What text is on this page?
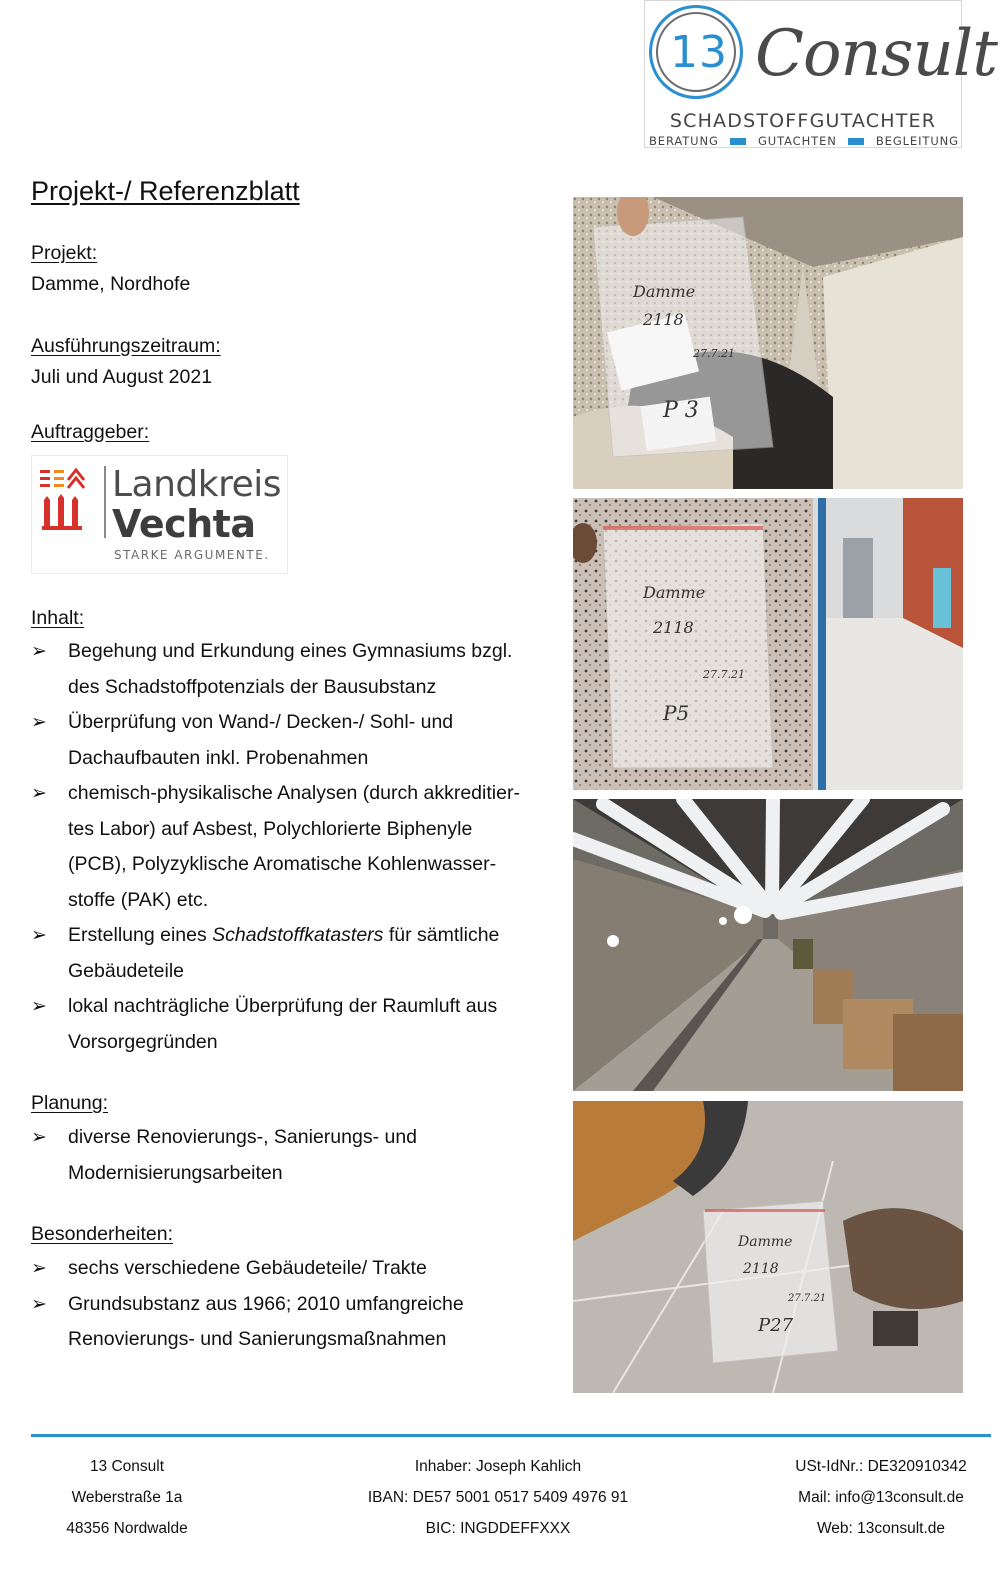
13 Consult
SCHADSTOFFGUTACHTER
BERATUNG	GUTACHTEN	BEGLEITUNG
Projekt-/ Referenzblatt
Projekt:
Damme, Nordhofe
Ausführungszeitraum:
Juli und August 2021
Auftraggeber:
Landkreis
Vechta
STARKE ARGUMENTE.
Inhalt:
➢ Begehung und Erkundung eines Gymnasiums bzgl.
des Schadstoffpotenzials der Bausubstanz
➢ Überprüfung von Wand-/ Decken-/ Sohl- und
Dachaufbauten inkl. Probenahmen
➢ chemisch-physikalische Analysen (durch akkreditier-
tes Labor) auf Asbest, Polychlorierte Biphenyle
(PCB), Polyzyklische Aromatische Kohlenwasser-
stoffe (PAK) etc.
➢ Erstellung eines Schadstoffkatasters für sämtliche
Gebäudeteile
➢ lokal nachträgliche Überprüfung der Raumluft aus
Vorsorgegründen
Planung:
➢ diverse Renovierungs-, Sanierungs- und
Modernisierungsarbeiten
Besonderheiten:
➢ sechs verschiedene Gebäudeteile/ Trakte
➢ Grundsubstanz aus 1966; 2010 umfangreiche
Renovierungs- und Sanierungsmaßnahmen
Damme
2118
27.7.21
P 3
Damme
2118
27.7.21
P5
Damme
2118
27.7.21
P27
13 Consult
Weberstraße 1a
48356 Nordwalde
Inhaber: Joseph Kahlich
IBAN: DE57 5001 0517 5409 4976 91
BIC: INGDDEFFXXX
USt-IdNr.: DE320910342
Mail: info@13consult.de
Web: 13consult.de
